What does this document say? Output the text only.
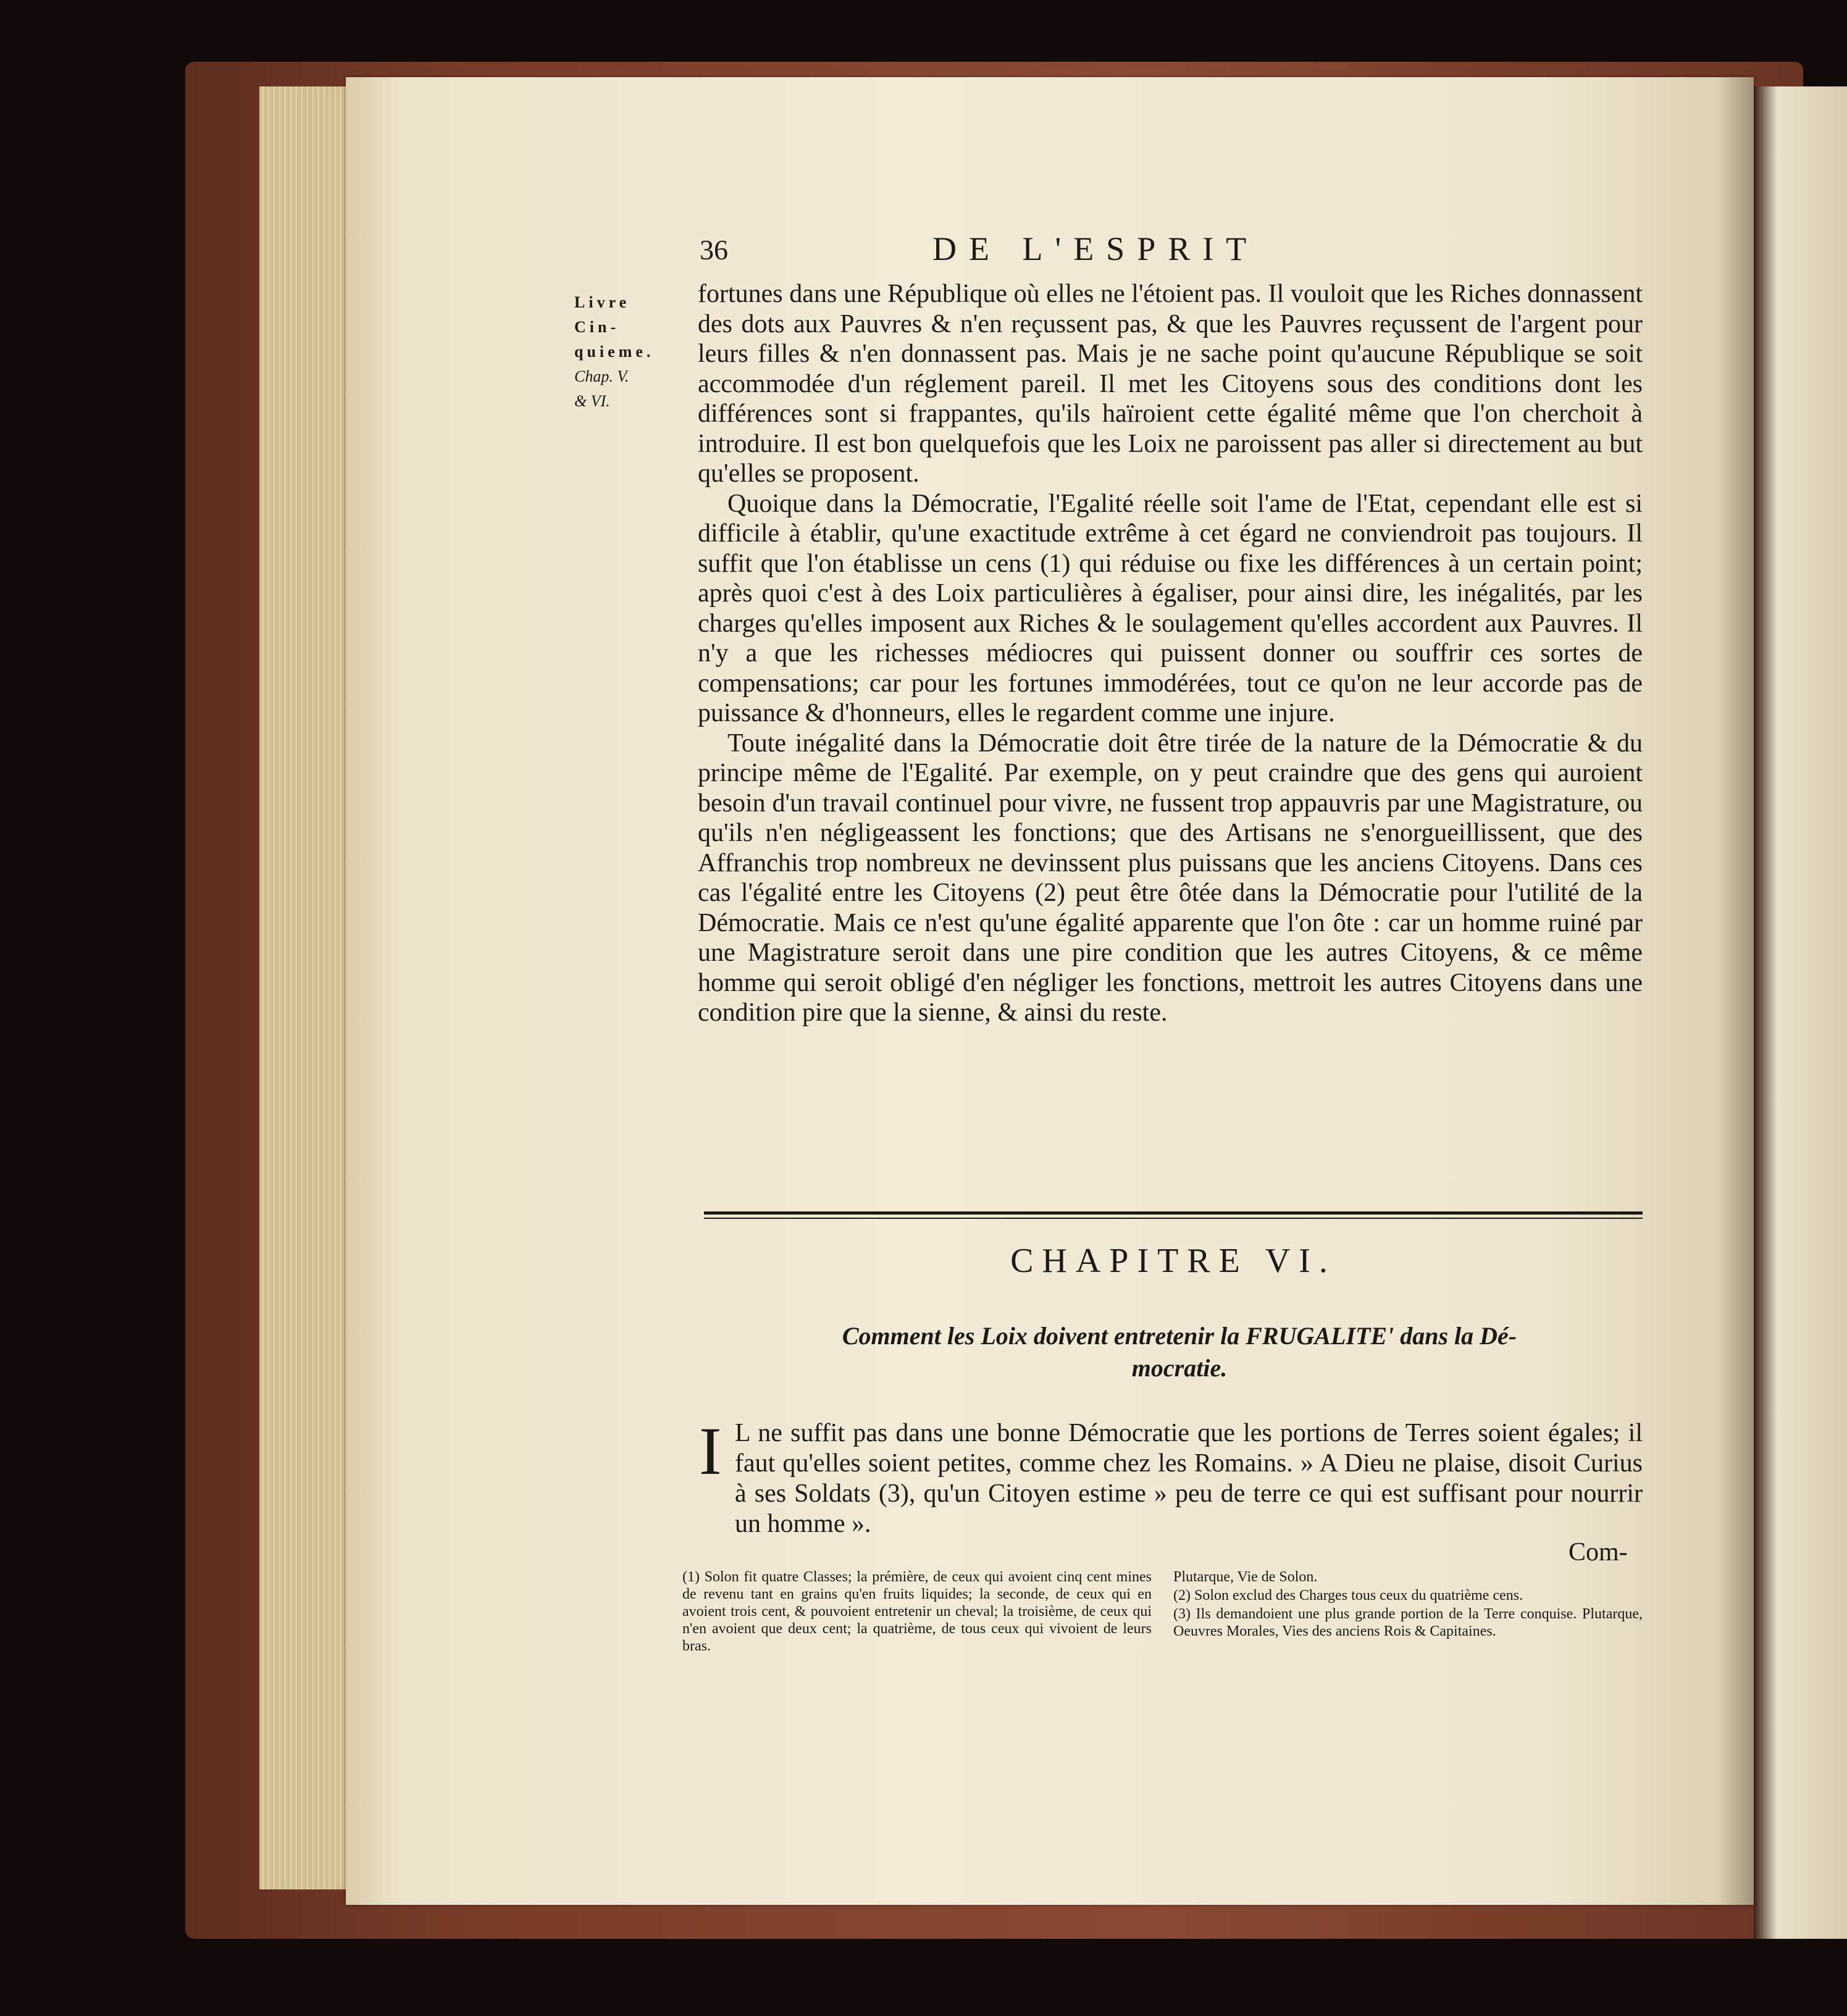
36	DE L'ESPRIT
Livre
Cin-
quieme.
Chap. V.
& VI.

fortunes dans une République où elles ne l'étoient pas. Il vouloit que les Riches donnassent des dots aux Pauvres & n'en reçussent pas, & que les Pauvres reçussent de l'argent pour leurs filles & n'en donnassent pas. Mais je ne sache point qu'aucune République se soit accommodée d'un réglement pareil. Il met les Citoyens sous des conditions dont les différences sont si frappantes, qu'ils haïroient cette égalité même que l'on cherchoit à introduire. Il est bon quelquefois que les Loix ne paroissent pas aller si directement au but qu'elles se proposent.

Quoique dans la Démocratie, l'Egalité réelle soit l'ame de l'Etat, cependant elle est si difficile à établir, qu'une exactitude extrême à cet égard ne conviendroit pas toujours. Il suffit que l'on établisse un cens (1) qui réduise ou fixe les différences à un certain point; après quoi c'est à des Loix particulières à égaliser, pour ainsi dire, les inégalités, par les charges qu'elles imposent aux Riches & le soulagement qu'elles accordent aux Pauvres. Il n'y a que les richesses médiocres qui puissent donner ou souffrir ces sortes de compensations; car pour les fortunes immodérées, tout ce qu'on ne leur accorde pas de puissance & d'honneurs, elles le regardent comme une injure.

Toute inégalité dans la Démocratie doit être tirée de la nature de la Démocratie & du principe même de l'Egalité. Par exemple, on y peut craindre que des gens qui auroient besoin d'un travail continuel pour vivre, ne fussent trop appauvris par une Magistrature, ou qu'ils n'en négligeassent les fonctions; que des Artisans ne s'enorgueillissent, que des Affranchis trop nombreux ne devinssent plus puissans que les anciens Citoyens. Dans ces cas l'égalité entre les Citoyens (2) peut être ôtée dans la Démocratie pour l'utilité de la Démocratie. Mais ce n'est qu'une égalité apparente que l'on ôte : car un homme ruiné par une Magistrature seroit dans une pire condition que les autres Citoyens, & ce même homme qui seroit obligé d'en négliger les fonctions, mettroit les autres Citoyens dans une condition pire que la sienne, & ainsi du reste.

CHAPITRE VI.
Comment les Loix doivent entretenir la FRUGALITE' dans la Dé-
mocratie.
I L ne suffit pas dans une bonne Démocratie que les portions de Terres soient égales; il faut qu'elles soient petites, comme chez les Romains. » A Dieu ne plaise, disoit Curius à ses Soldats (3), qu'un Citoyen estime » peu de terre ce qui est suffisant pour nourrir un homme ».

Com-

(1) Solon fit quatre Classes; la prémière, de ceux qui avoient cinq cent mines de revenu tant en grains qu'en fruits liquides; la seconde, de ceux qui en avoient trois cent, & pouvoient entretenir un cheval; la troisième, de ceux qui n'en avoient que deux cent; la quatrième, de tous ceux qui vivoient de leurs bras.

Plutarque, Vie de Solon.

(2) Solon exclud des Charges tous ceux du quatrième cens.

(3) Ils demandoient une plus grande portion de la Terre conquise. Plutarque, Oeuvres Morales, Vies des anciens Rois & Capitaines.
